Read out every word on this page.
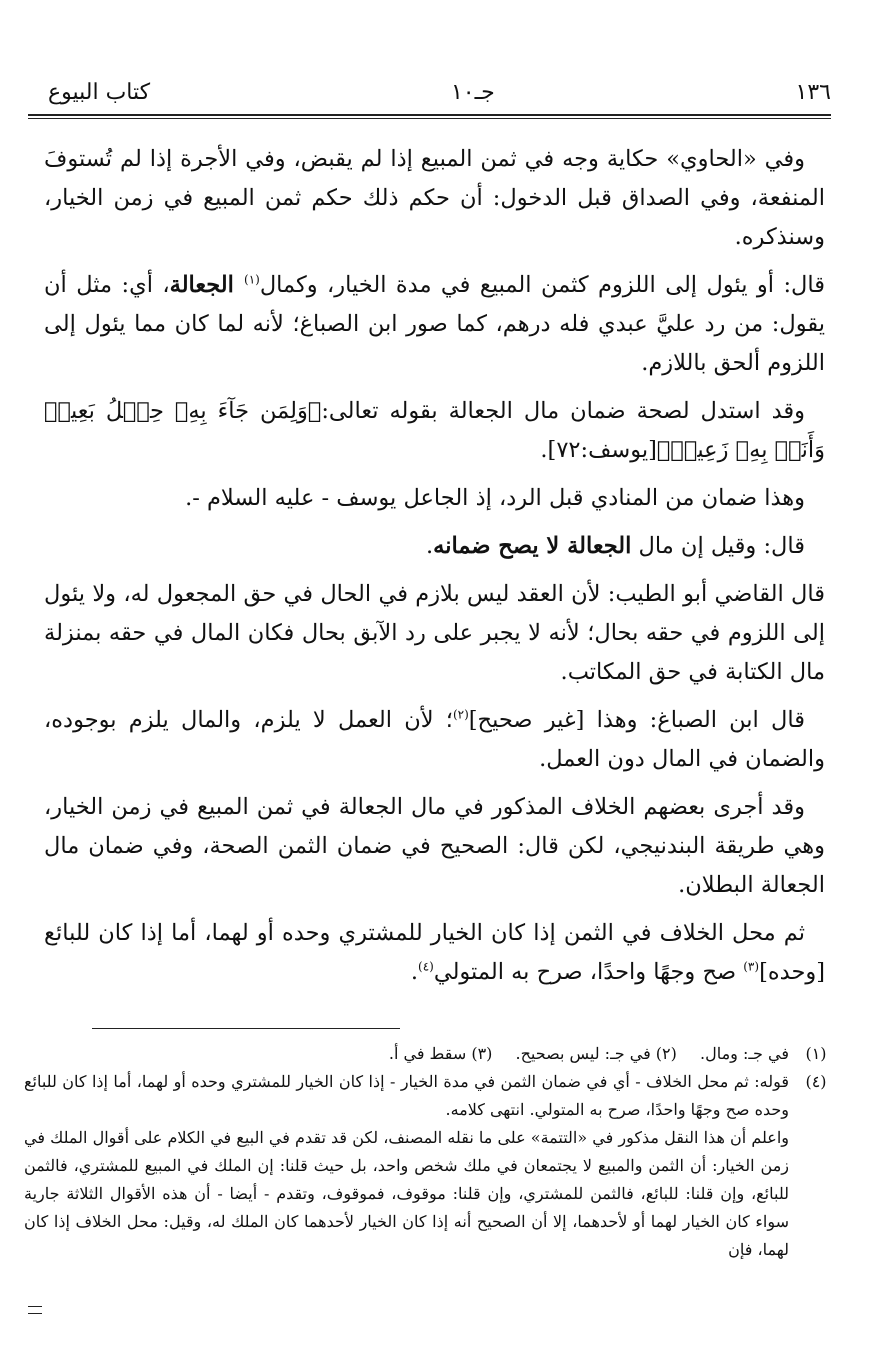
١٣٦
جـ١٠
كتاب البيوع

وفي «الحاوي» حكاية وجه في ثمن المبيع إذا لم يقبض، وفي الأجرة إذا لم تُستوفَ المنفعة، وفي الصداق قبل الدخول: أن حكم ذلك حكم ثمن المبيع في زمن الخيار، وسنذكره.

قال: أو يئول إلى اللزوم كثمن المبيع في مدة الخيار، وكمال$^{(١)}$ الجعالة، أي: مثل أن يقول: من رد عليَّ عبدي فله درهم، كما صور ابن الصباغ؛ لأنه لما كان مما يئول إلى اللزوم ألحق باللازم.

وقد استدل لصحة ضمان مال الجعالة بقوله تعالى:﴿وَلِمَن جَآءَ بِهِۦ حِمۡلُ بَعِيرٖ وَأَنَا۠ بِهِۦ زَعِيمٞ﴾[يوسف:٧٢].

وهذا ضمان من المنادي قبل الرد، إذ الجاعل يوسف - عليه السلام -.

قال: وقيل إن مال الجعالة لا يصح ضمانه.

قال القاضي أبو الطيب: لأن العقد ليس بلازم في الحال في حق المجعول له، ولا يئول إلى اللزوم في حقه بحال؛ لأنه لا يجبر على رد الآبق بحال فكان المال في حقه بمنزلة مال الكتابة في حق المكاتب.

قال ابن الصباغ: وهذا [غير صحيح]$^{(٢)}$؛ لأن العمل لا يلزم، والمال يلزم بوجوده، والضمان في المال دون العمل.

وقد أجرى بعضهم الخلاف المذكور في مال الجعالة في ثمن المبيع في زمن الخيار، وهي طريقة البندنيجي، لكن قال: الصحيح في ضمان الثمن الصحة، وفي ضمان مال الجعالة البطلان.

ثم محل الخلاف في الثمن إذا كان الخيار للمشتري وحده أو لهما، أما إذا كان للبائع [وحده]$^{(٣)}$ صح وجهًا واحدًا، صرح به المتولي$^{(٤)}$.

(١)
في جـ: ومال. (٢) في جـ: ليس بصحيح. (٣) سقط في أ.
(٤)
قوله: ثم محل الخلاف - أي في ضمان الثمن في مدة الخيار - إذا كان الخيار للمشتري وحده أو لهما، أما إذا كان للبائع وحده صح وجهًا واحدًا، صرح به المتولي. انتهى كلامه.
واعلم أن هذا النقل مذكور في «التتمة» على ما نقله المصنف، لكن قد تقدم في البيع في الكلام على أقوال الملك في زمن الخيار: أن الثمن والمبيع لا يجتمعان في ملك شخص واحد، بل حيث قلنا: إن الملك في المبيع للمشتري، فالثمن للبائع، وإن قلنا: للبائع، فالثمن للمشتري، وإن قلنا: موقوف، فموقوف، وتقدم - أيضا - أن هذه الأقوال الثلاثة جارية سواء كان الخيار لهما أو لأحدهما، إلا أن الصحيح أنه إذا كان الخيار لأحدهما كان الملك له، وقيل: محل الخلاف إذا كان لهما، فإن
